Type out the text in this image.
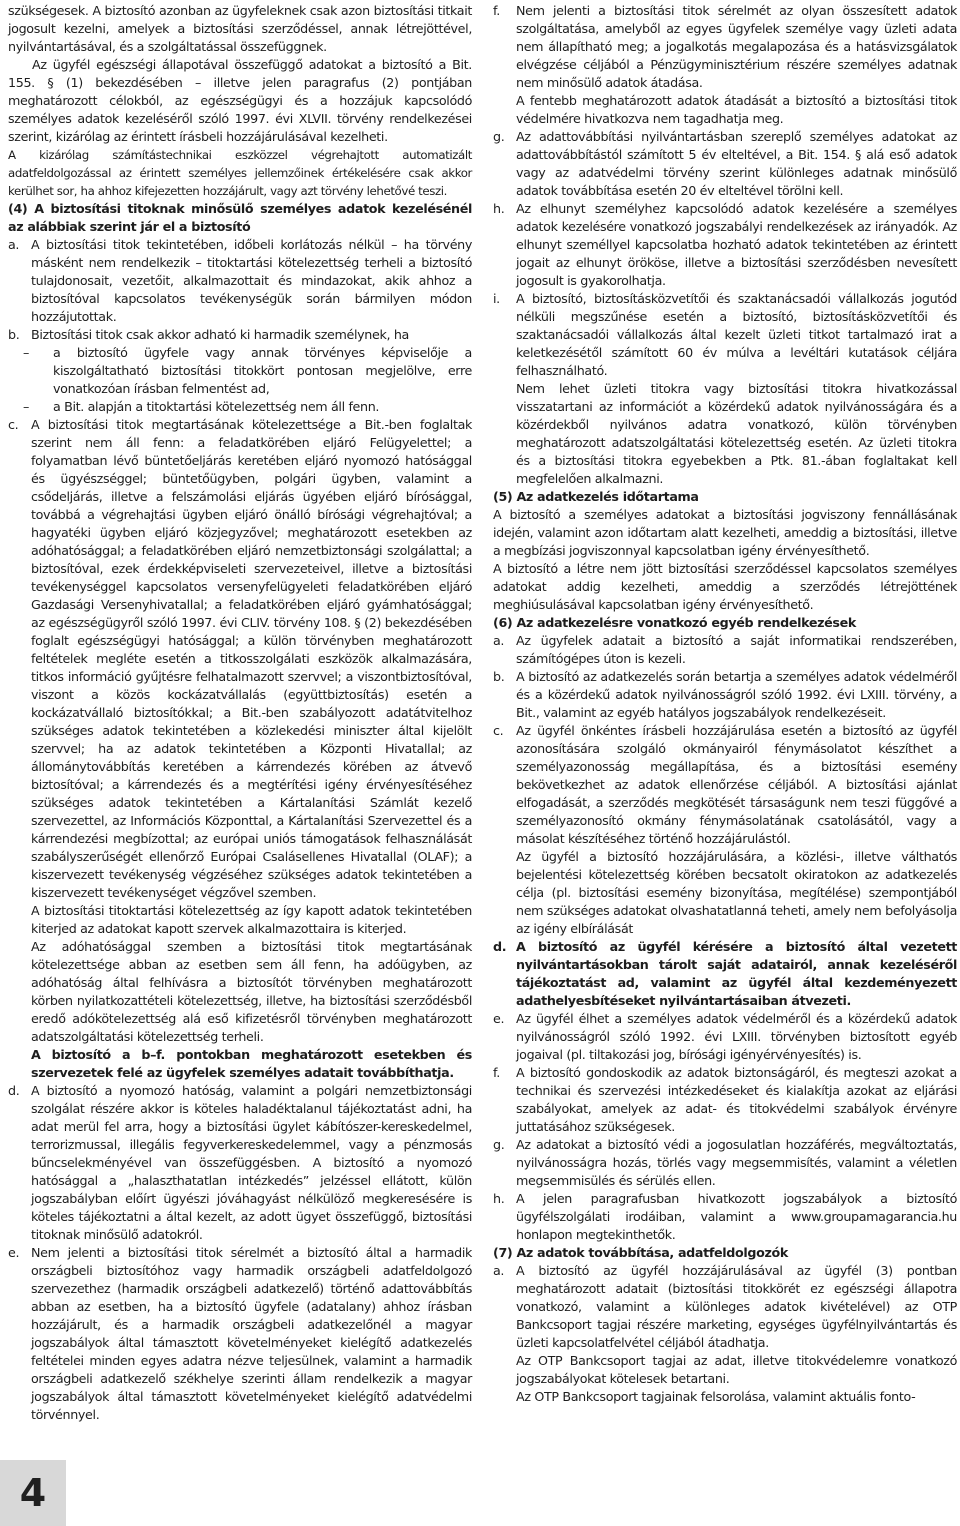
szükségesek. A biztosító azonban az ügyfeleknek csak azon biztosítási titkait jogosult kezelni, amelyek a biztosítási szerződéssel, annak létrejöttével, nyilvántartásával, és a szolgáltatással összefüggnek.

Az ügyfél egészségi állapotával összefüggő adatokat a biztosító a Bit. 155. § (1) bekezdésében – illetve jelen paragrafus (2) pontjában meghatározott célokból, az egészségügyi és a hozzájuk kapcsolódó személyes adatok kezeléséről szóló 1997. évi XLVII. törvény rendelkezései szerint, kizárólag az érintett írásbeli hozzájárulásával kezelheti.

A kizárólag számítástechnikai eszközzel végrehajtott automatizált adatfeldolgozással az érintett személyes jellemzőinek értékelésére csak akkor kerülhet sor, ha ahhoz kifejezetten hozzájárult, vagy azt törvény lehetővé teszi.

(4) A biztosítási titoknak minősülő személyes adatok kezelésénél az alábbiak szerint jár el a biztosító

a. A biztosítási titok tekintetében, időbeli korlátozás nélkül – ha törvény másként nem rendelkezik – titoktartási kötelezettség terheli a biztosító tulajdonosait, vezetőit, alkalmazottait és mindazokat, akik ahhoz a biztosítóval kapcsolatos tevékenységük során bármilyen módon hozzájutottak.
b. Biztosítási titok csak akkor adható ki harmadik személynek, ha
–	a biztosító ügyfele vagy annak törvényes képviselője a kiszolgáltatható biztosítási titokkört pontosan megjelölve, erre vonatkozóan írásban felmentést ad,
–	a Bit. alapján a titoktartási kötelezettség nem áll fenn.
c. A biztosítási titok megtartásának kötelezettsége a Bit.-ben foglaltak szerint nem áll fenn: a feladatkörében eljáró Felügyelettel; a folyamatban lévő büntetőeljárás keretében eljáró nyomozó hatósággal és ügyészséggel; büntetőügyben, polgári ügyben, valamint a csődeljárás, illetve a felszámolási eljárás ügyében eljáró bírósággal, továbbá a végrehajtási ügyben eljáró önálló bírósági végrehajtóval; a hagyatéki ügyben eljáró közjegyzővel; meghatározott esetekben az adóhatósággal; a feladatkörében eljáró nemzetbiztonsági szolgálattal; a biztosítóval, ezek érdekképviseleti szervezeteivel, illetve a biztosítási tevékenységgel kapcsolatos versenyfelügyeleti feladatkörében eljáró Gazdasági Versenyhivatallal; a feladatkörében eljáró gyámhatósággal; az egészségügyről szóló 1997. évi CLIV. törvény 108. § (2) bekezdésében foglalt egészségügyi hatósággal; a külön törvényben meghatározott feltételek megléte esetén a titkosszolgálati eszközök alkalmazására, titkos információ gyűjtésre felhatalmazott szervvel; a viszontbiztosítóval, viszont a közös kockázatvállalás (együttbiztosítás) esetén a kockázatvállaló biztosítókkal; a Bit.-ben szabályozott adatátvitelhoz szükséges adatok tekintetében a közlekedési miniszter által kijelölt szervvel; ha az adatok tekintetében a Központi Hivatallal; az állománytovábbítás keretében a kárrendezés körében az átvevő biztosítóval; a kárrendezés és a megtérítési igény érvényesítéséhez szükséges adatok tekintetében a Kártalanítási Számlát kezelő szervezettel, az Információs Központtal, a Kártalanítási Szervezettel és a kárrendezési megbízottal; az európai uniós támogatások felhasználását szabályszerűségét ellenőrző Európai Csalásellenes Hivatallal (OLAF); a kiszervezett tevékenység végzéséhez szükséges adatok tekintetében a kiszervezett tevékenységet végzővel szemben.

A biztosítási titoktartási kötelezettség az így kapott adatok tekintetében kiterjed az adatokat kapott szervek alkalmazottaira is kiterjed.

Az adóhatósággal szemben a biztosítási titok megtartásának kötelezettsége abban az esetben sem áll fenn, ha adóügyben, az adóhatóság által felhívásra a biztosítót törvényben meghatározott körben nyilatkozattételi kötelezettség, illetve, ha biztosítási szerződésből eredő adókötelezettség alá eső kifizetésről törvényben meghatározott adatszolgáltatási kötelezettség terheli.

A biztosító a b–f. pontokban meghatározott esetekben és szervezetek felé az ügyfelek személyes adatait továbbíthatja.

d. A biztosító a nyomozó hatóság, valamint a polgári nemzetbiztonsági szolgálat részére akkor is köteles haladéktalanul tájékoztatást adni, ha adat merül fel arra, hogy a biztosítási ügylet kábítószer-kereskedelmel, terrorizmussal, illegális fegyverkereskedelemmel, vagy a pénzmosás bűncselekményével van összefüggésben. A biztosító a nyomozó hatósággal a „halaszthatatlan intézkedés” jelzéssel ellátott, külön jogszabályban előírt ügyészi jóváhagyást nélkülöző megkeresésére is köteles tájékoztatni a által kezelt, az adott ügyet összefüggő, biztosítási titoknak minősülő adatokról.
e. Nem jelenti a biztosítási titok sérelmét a biztosító által a harmadik országbeli biztosítóhoz vagy harmadik országbeli adatfeldolgozó szervezethez (harmadik országbeli adatkezelő) történő adattovábbítás abban az esetben, ha a biztosító ügyfele (adatalany) ahhoz írásban hozzájárult, és a harmadik országbeli adatkezelőnél a magyar jogszabályok által támasztott követelményeket kielégítő adatkezelés feltételei minden egyes adatra nézve teljesülnek, valamint a harmadik országbeli adatkezelő székhelye szerinti állam rendelkezik a magyar jogszabályok által támasztott követelményeket kielégítő adatvédelmi törvénnyel.
f.	Nem jelenti a biztosítási titok sérelmét az olyan összesített adatok szolgáltatása, amelyből az egyes ügyfelek személye vagy üzleti adata nem állapítható meg; a jogalkotás megalapozása és a hatásvizsgálatok elvégzése céljából a Pénzügyminisztérium részére személyes adatnak nem minősülő adatok átadása.

A fentebb meghatározott adatok átadását a biztosító a biztosítási titok védelmére hivatkozva nem tagadhatja meg.

g. Az adattovábbítási nyilvántartásban szereplő személyes adatokat az adattovábbítástól számított 5 év elteltével, a Bit. 154. § alá eső adatok vagy az adatvédelmi törvény szerint különleges adatnak minősülő adatok továbbítása esetén 20 év elteltével törölni kell.
h. Az elhunyt személyhez kapcsolódó adatok kezelésére a személyes adatok kezelésére vonatkozó jogszabályi rendelkezések az irányadók. Az elhunyt személlyel kapcsolatba hozható adatok tekintetében az érintett jogait az elhunyt örököse, illetve a biztosítási szerződésben nevesített jogosult is gyakorolhatja.
i.	A biztosító, biztosításközvetítői és szaktanácsadói vállalkozás jogutód nélküli megszűnése esetén a biztosító, biztosításközvetítői és szaktanácsadói vállalkozás által kezelt üzleti titkot tartalmazó irat a keletkezésétől számított 60 év múlva a levéltári kutatások céljára felhasználható.

Nem lehet üzleti titokra vagy biztosítási titokra hivatkozással visszatartani az információt a közérdekű adatok nyilvánosságára és a közérdekből nyilvános adatra vonatkozó, külön törvényben meghatározott adatszolgáltatási kötelezettség esetén. Az üzleti titokra és a biztosítási titokra egyebekben a Ptk. 81.-ában foglaltakat kell megfelelően alkalmazni.

(5) Az adatkezelés időtartama

A biztosító a személyes adatokat a biztosítási jogviszony fennállásának idején, valamint azon időtartam alatt kezelheti, ameddig a biztosítási, illetve a megbízási jogviszonnyal kapcsolatban igény érvényesíthető.

A biztosító a létre nem jött biztosítási szerződéssel kapcsolatos személyes adatokat addig kezelheti, ameddig a szerződés létrejöttének meghiúsulásával kapcsolatban igény érvényesíthető.

(6) Az adatkezelésre vonatkozó egyéb rendelkezések

a. Az ügyfelek adatait a biztosító a saját informatikai rendszerében, számítógépes úton is kezeli.
b. A biztosító az adatkezelés során betartja a személyes adatok védelméről és a közérdekű adatok nyilvánosságról szóló 1992. évi LXIII. törvény, a Bit., valamint az egyéb hatályos jogszabályok rendelkezéseit.
c. Az ügyfél önkéntes írásbeli hozzájárulása esetén a biztosító az ügyfél azonosítására szolgáló okmányairól fénymásolatot készíthet a személyazonosság megállapítása, és a biztosítási esemény bekövetkezhet az adatok ellenőrzése céljából. A biztosítási ajánlat elfogadását, a szerződés megkötését társaságunk nem teszi függővé a személyazonosító okmány fénymásolatának csatolásától, vagy a másolat készítéséhez történő hozzájárulástól.

Az ügyfél a biztosító hozzájárulására, a közlési-, illetve válthatós bejelentési kötelezettség körében becsatolt okiratokon az adatkezelés célja (pl. biztosítási esemény bizonyítása, megítélése) szempontjából nem szükséges adatokat olvashatatlanná teheti, amely nem befolyásolja az igény elbírálását

d. A biztosító az ügyfél kérésére a biztosító által vezetett nyilvántartásokban tárolt saját adatairól, annak kezeléséről tájékoztatást ad, valamint az ügyfél által kezdeményezett adathelyesbítéseket nyilvántartásaiban átvezeti.
e. Az ügyfél élhet a személyes adatok védelméről és a közérdekű adatok nyilvánosságról szóló 1992. évi LXIII. törvényben biztosított egyéb jogaival (pl. tiltakozási jog, bírósági igényérvényesítés) is.
f.	A biztosító gondoskodik az adatok biztonságáról, és megteszi azokat a technikai és szervezési intézkedéseket és kialakítja azokat az eljárási szabályokat, amelyek az adat- és titokvédelmi szabályok érvényre juttatásához szükségesek.
g. Az adatokat a biztosító védi a jogosulatlan hozzáférés, megváltoztatás, nyilvánosságra hozás, törlés vagy megsemmisítés, valamint a véletlen megsemmisülés és sérülés ellen.
h. A jelen paragrafusban hivatkozott jogszabályok a biztosító ügyfélszolgálati irodáiban, valamint a www.groupamagarancia.hu honlapon megtekinthetők.

(7) Az adatok továbbítása, adatfeldolgozók

a. A biztosító az ügyfél hozzájárulásával az ügyfél (3) pontban meghatározott adatait (biztosítási titokkörét ez egészségi állapotra vonatkozó, valamint a különleges adatok kivételével) az OTP Bankcsoport tagjai részére marketing, egységes ügyfélnyilvántartás és üzleti kapcsolatfelvétel céljából átadhatja.

Az OTP Bankcsoport tagjai az adat, illetve titokvédelemre vonatkozó jogszabályokat kötelesek betartani.

Az OTP Bankcsoport tagjainak felsorolása, valamint aktuális fonto-

4
